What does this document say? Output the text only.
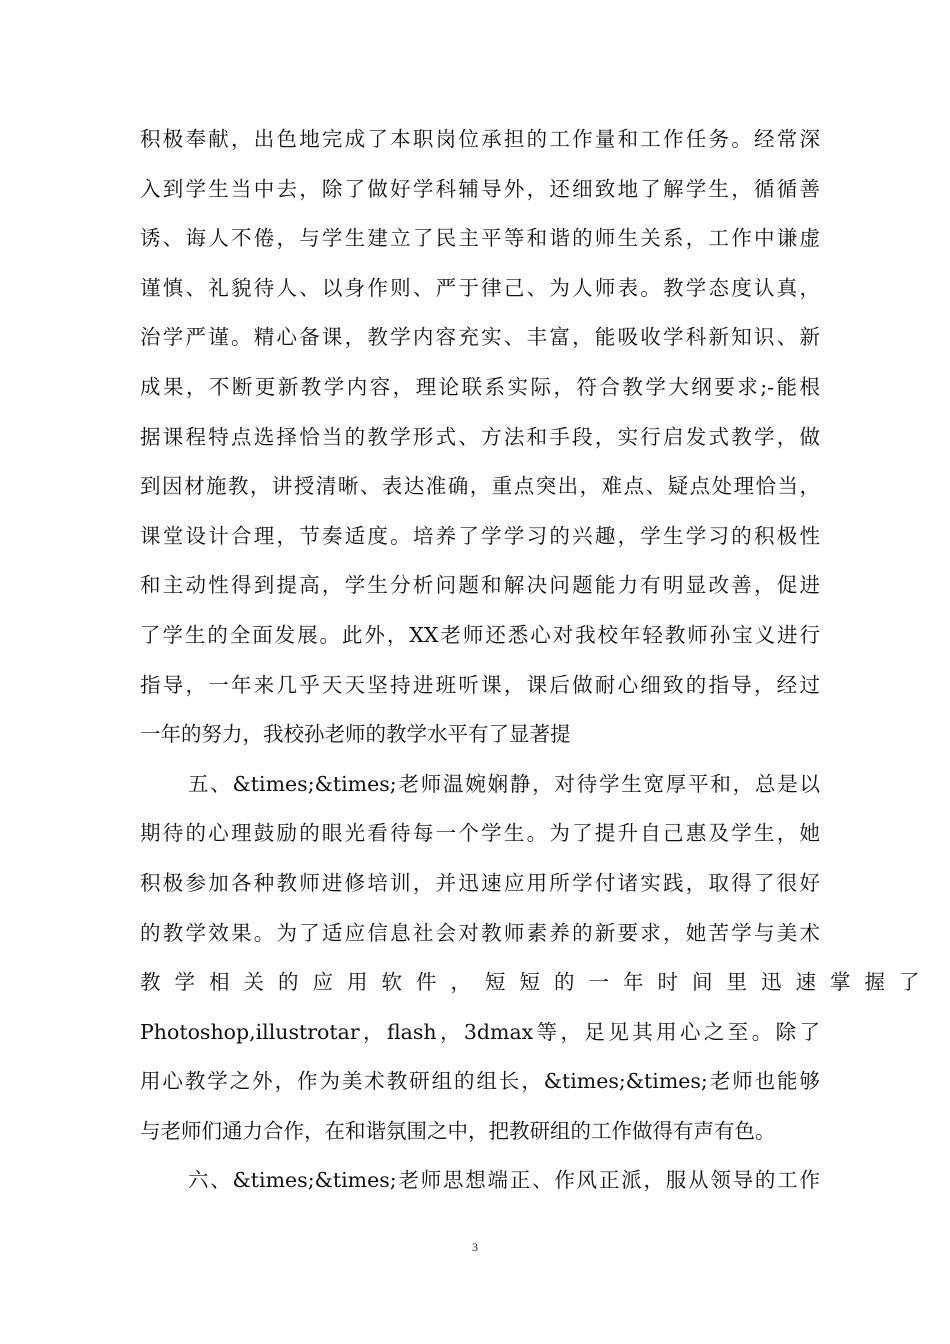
积极奉献，出色地完成了本职岗位承担的工作量和工作任务。经常深
入到学生当中去，除了做好学科辅导外，还细致地了解学生，循循善
诱、诲人不倦，与学生建立了民主平等和谐的师生关系，工作中谦虚
谨慎、礼貌待人、以身作则、严于律己、为人师表。教学态度认真，
治学严谨。精心备课，教学内容充实、丰富，能吸收学科新知识、新
成果，不断更新教学内容，理论联系实际，符合教学大纲要求;-能根
据课程特点选择恰当的教学形式、方法和手段，实行启发式教学，做
到因材施教，讲授清晰、表达准确，重点突出，难点、疑点处理恰当，
课堂设计合理，节奏适度。培养了学学习的兴趣，学生学习的积极性
和主动性得到提高，学生分析问题和解决问题能力有明显改善，促进
了学生的全面发展。此外，XX老师还悉心对我校年轻教师孙宝义进行
指导，一年来几乎天天坚持进班听课，课后做耐心细致的指导，经过
一年的努力，我校孙老师的教学水平有了显著提
五、&times;&times;老师温婉娴静，对待学生宽厚平和，总是以
期待的心理鼓励的眼光看待每一个学生。为了提升自己惠及学生，她
积极参加各种教师进修培训，并迅速应用所学付诸实践，取得了很好
的教学效果。为了适应信息社会对教师素养的新要求，她苦学与美术
教学相关的应用软件，短短的一年时间里迅速掌握了
Photoshop,illustrotar，flash，3dmax等，足见其用心之至。除了
用心教学之外，作为美术教研组的组长，&times;&times;老师也能够
与老师们通力合作，在和谐氛围之中，把教研组的工作做得有声有色。
六、&times;&times;老师思想端正、作风正派，服从领导的工作
3
